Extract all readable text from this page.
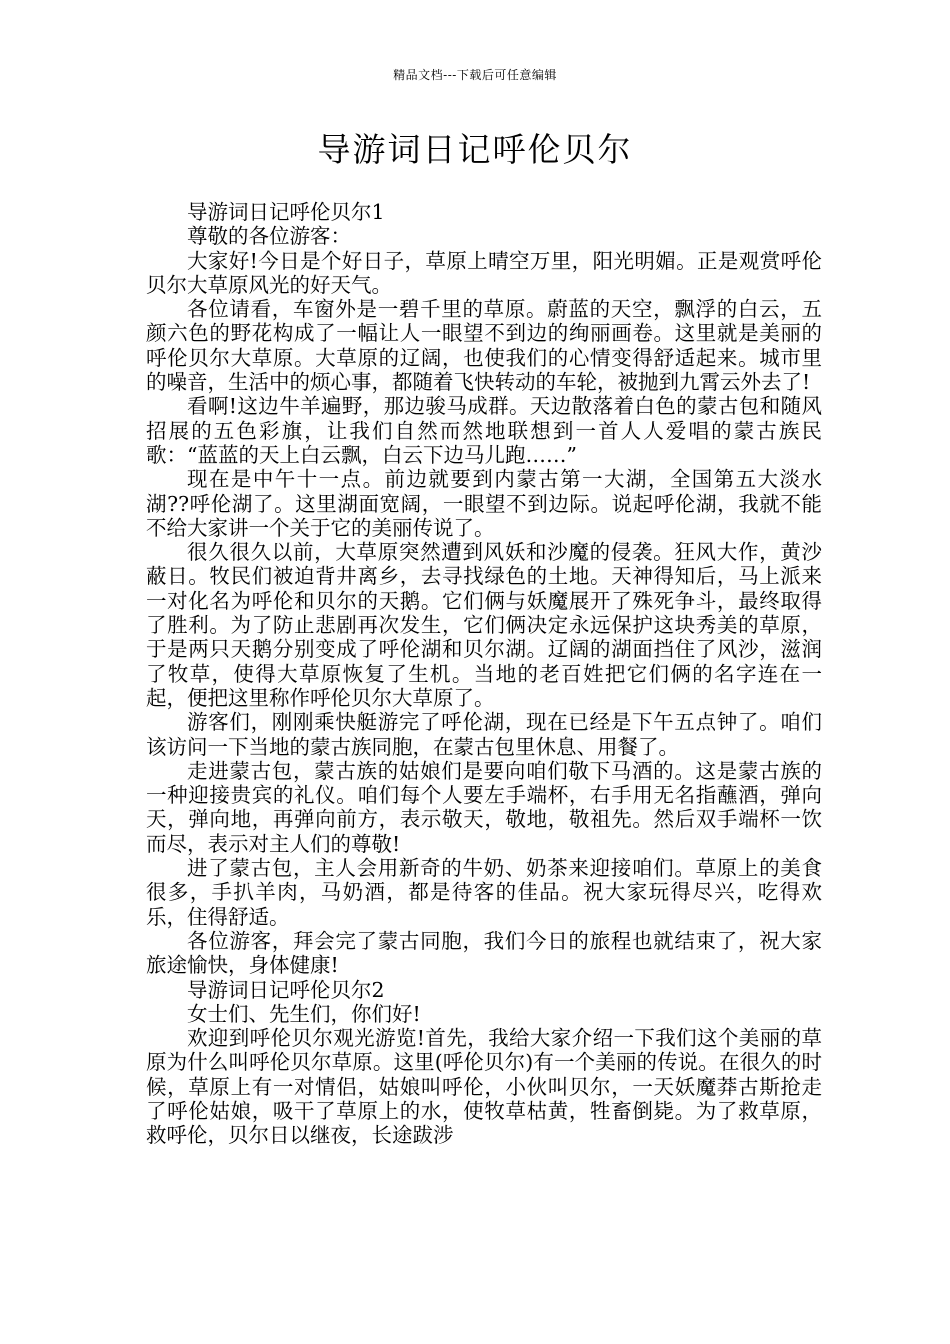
精品文档---下载后可任意编辑
导游词日记呼伦贝尔

导游词日记呼伦贝尔1

尊敬的各位游客：

大家好!今日是个好日子，草原上晴空万里，阳光明媚。正是观赏呼伦贝尔大草原风光的好天气。

各位请看，车窗外是一碧千里的草原。蔚蓝的天空，飘浮的白云，五颜六色的野花构成了一幅让人一眼望不到边的绚丽画卷。这里就是美丽的呼伦贝尔大草原。大草原的辽阔，也使我们的心情变得舒适起来。城市里的噪音，生活中的烦心事，都随着飞快转动的车轮，被抛到九霄云外去了!

看啊!这边牛羊遍野，那边骏马成群。天边散落着白色的蒙古包和随风招展的五色彩旗，让我们自然而然地联想到一首人人爱唱的蒙古族民歌：“蓝蓝的天上白云飘，白云下边马儿跑……”

现在是中午十一点。前边就要到内蒙古第一大湖，全国第五大淡水湖??呼伦湖了。这里湖面宽阔，一眼望不到边际。说起呼伦湖，我就不能不给大家讲一个关于它的美丽传说了。

很久很久以前，大草原突然遭到风妖和沙魔的侵袭。狂风大作，黄沙蔽日。牧民们被迫背井离乡，去寻找绿色的土地。天神得知后，马上派来一对化名为呼伦和贝尔的天鹅。它们俩与妖魔展开了殊死争斗，最终取得了胜利。为了防止悲剧再次发生，它们俩决定永远保护这块秀美的草原，于是两只天鹅分别变成了呼伦湖和贝尔湖。辽阔的湖面挡住了风沙，滋润了牧草，使得大草原恢复了生机。当地的老百姓把它们俩的名字连在一起，便把这里称作呼伦贝尔大草原了。

游客们，刚刚乘快艇游完了呼伦湖，现在已经是下午五点钟了。咱们该访问一下当地的蒙古族同胞，在蒙古包里休息、用餐了。

走进蒙古包，蒙古族的姑娘们是要向咱们敬下马酒的。这是蒙古族的一种迎接贵宾的礼仪。咱们每个人要左手端杯，右手用无名指蘸酒，弹向天，弹向地，再弹向前方，表示敬天，敬地，敬祖先。然后双手端杯一饮而尽，表示对主人们的尊敬!

进了蒙古包，主人会用新奇的牛奶、奶茶来迎接咱们。草原上的美食很多，手扒羊肉，马奶酒，都是待客的佳品。祝大家玩得尽兴，吃得欢乐，住得舒适。

各位游客，拜会完了蒙古同胞，我们今日的旅程也就结束了，祝大家旅途愉快，身体健康!

导游词日记呼伦贝尔2

女士们、先生们，你们好!

欢迎到呼伦贝尔观光游览!首先，我给大家介绍一下我们这个美丽的草原为什么叫呼伦贝尔草原。这里(呼伦贝尔)有一个美丽的传说。在很久的时候，草原上有一对情侣，姑娘叫呼伦，小伙叫贝尔，一天妖魔莽古斯抢走了呼伦姑娘，吸干了草原上的水，使牧草枯黄，牲畜倒毙。为了救草原，救呼伦，贝尔日以继夜，长途跋涉
